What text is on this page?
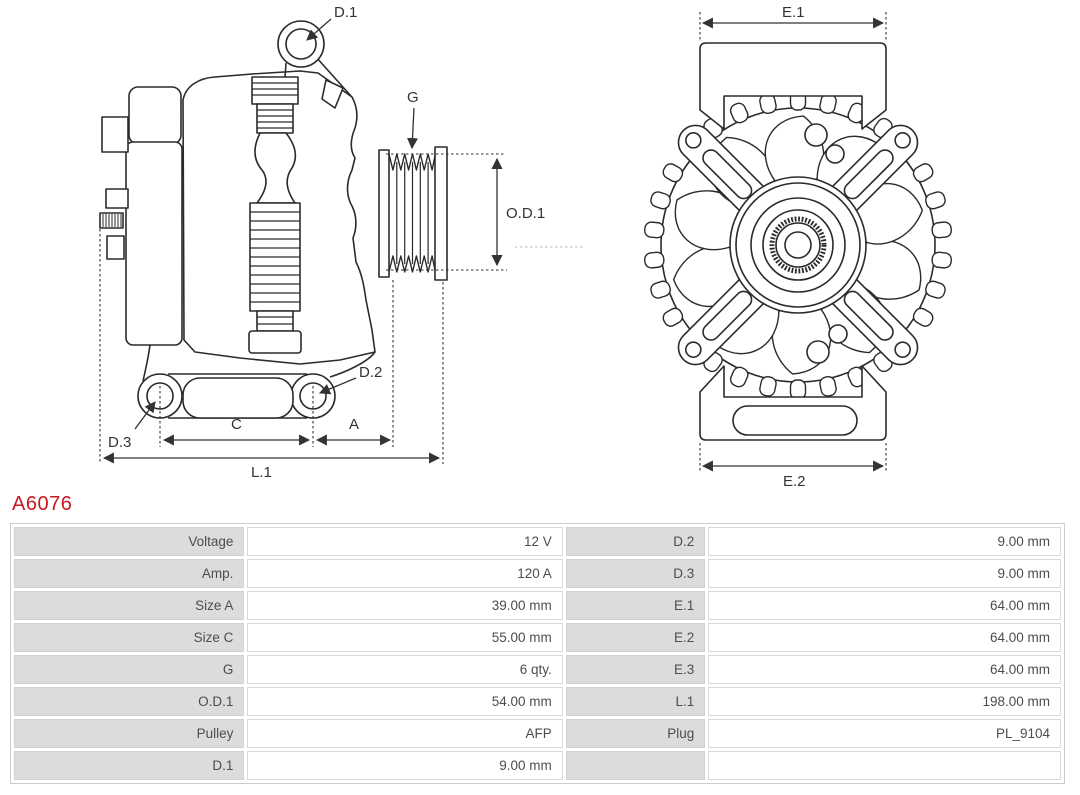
D.1
G
O.D.1
D.2
D.3
C	A
L.1
E.1
E.2
A6076
Voltage	12 V	D.2	9.00 mm
Amp.	120 A	D.3	9.00 mm
Size A	39.00 mm	E.1	64.00 mm
Size C	55.00 mm	E.2	64.00 mm
G	6 qty.	E.3	64.00 mm
O.D.1	54.00 mm	L.1	198.00 mm
Pulley	AFP	Plug	PL_9104
D.1	9.00 mm		
